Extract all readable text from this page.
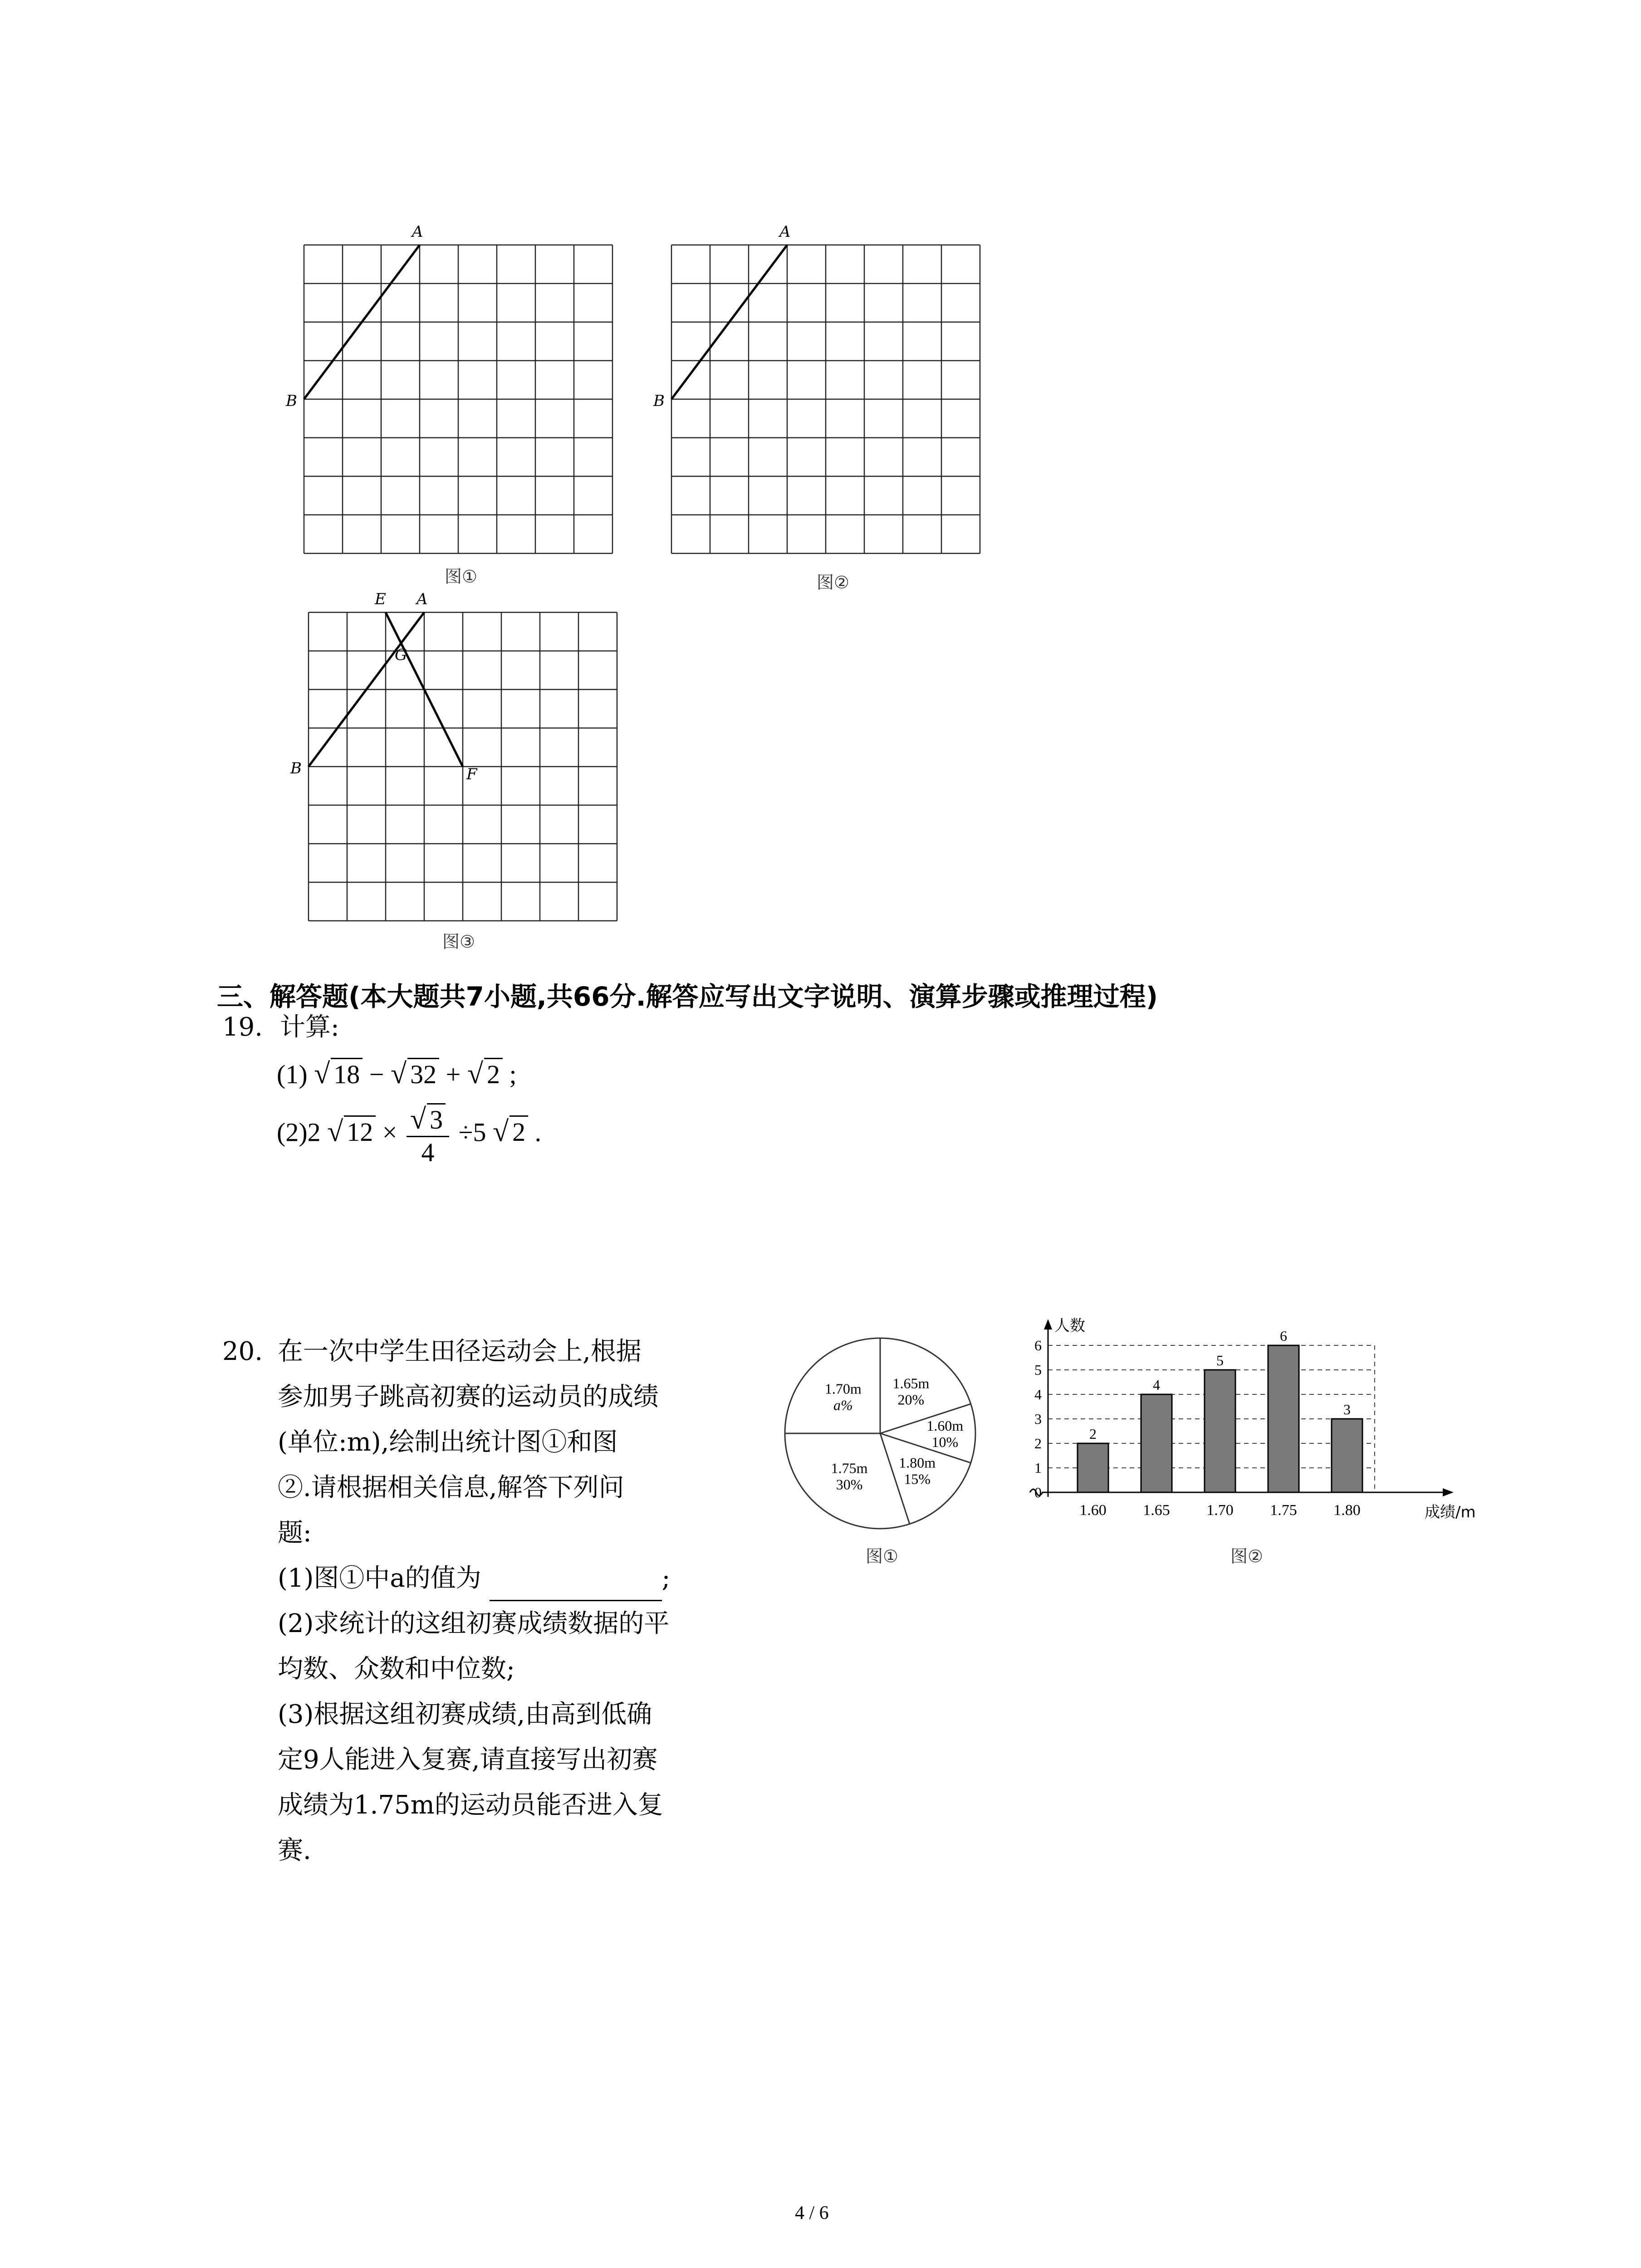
A
B
图①
A
B
图②
A
E
B	F
G
图③
三、解答题(本大题共7小题,共66分.解答应写出文字说明、演算步骤或推理过程)
19. 计算:
(1) √ 18 − √ 32 + √ 2 ;
(2)2 √ $12 \times \frac{√ 3}{4} \div 5$ √ 2 .
20. 在一次中学生田径运动会上,根据
参加男子跳高初赛的运动员的成绩
(单位:m),绘制出统计图①和图
②.请根据相关信息,解答下列问
题:
(1)图①中a的值为	;
(2)求统计的这组初赛成绩数据的平
均数、众数和中位数;
(3)根据这组初赛成绩,由高到低确
定9人能进入复赛,请直接写出初赛
成绩为1.75m的运动员能否进入复
赛.
1.70m
a%
1.65m
20%
1.60m
10%
1.80m
15%
1.75m
30%
图①
0
1
2
3
4
5
6
人数
成绩/m
2
1.60
4
1.65
5
1.70
6
1.75
3
1.80
图②
4 / 6
